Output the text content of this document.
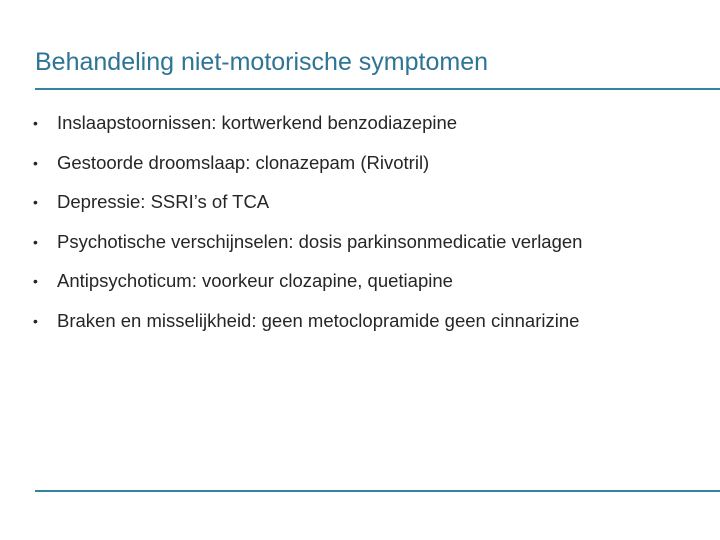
Behandeling niet-motorische symptomen
• Inslaapstoornissen: kortwerkend benzodiazepine
• Gestoorde droomslaap: clonazepam (Rivotril)
• Depressie: SSRI’s of TCA
• Psychotische verschijnselen: dosis parkinsonmedicatie verlagen
• Antipsychoticum: voorkeur clozapine, quetiapine
• Braken en misselijkheid: geen metoclopramide geen cinnarizine
